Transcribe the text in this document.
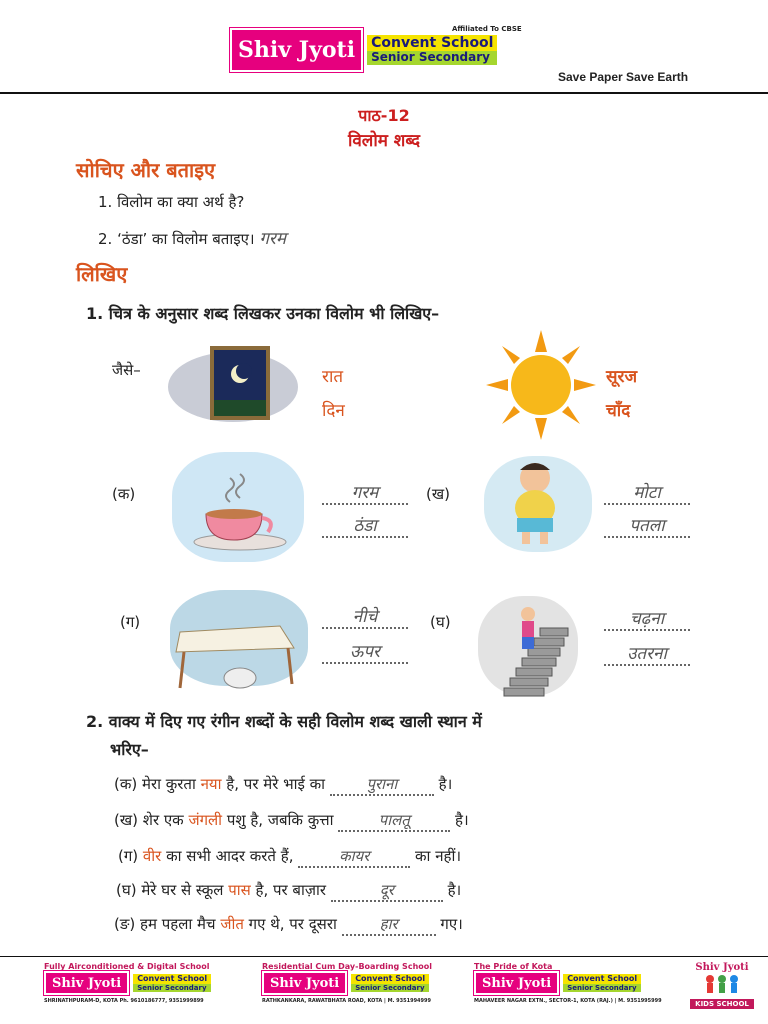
Shiv Jyoti	Convent School
Senior Secondary
Affiliated To CBSE
Save Paper Save Earth
पाठ-12
विलोम शब्द
सोचिए और बताइए
1. विलोम का क्या अर्थ है?
2. ‘ठंडा’ का विलोम बताइए। गरम
लिखिए
1. चित्र के अनुसार शब्द लिखकर उनका विलोम भी लिखिए–
जैसे–	रात
दिन
सूरज
चाँद
(क)	गरम ठंडा
(ख)	मोटा पतला
(ग)	नीचे ऊपर
(घ)	चढ़ना उतरना
2. वाक्य में दिए गए रंगीन शब्दों के सही विलोम शब्द खाली स्थान में
भरिए–
(क) मेरा कुरता नया है, पर मेरे भाई का पुराना है।
(ख) शेर एक जंगली पशु है, जबकि कुत्ता	पालतू	है।
(ग) वीर का सभी आदर करते हैं,	कायर	का नहीं।
(घ) मेरे घर से स्कूल पास है, पर बाज़ार	दूर	है।
(ङ) हम पहला मैच जीत गए थे, पर दूसरा	हार	गए।
Fully Airconditioned & Digital School
Shiv Jyoti	Convent School
Senior Secondary
SHRINATHPURAM-D, KOTA Ph. 9610186777, 9351999899
Residential Cum Day-Boarding School
Shiv Jyoti	Convent School
Senior Secondary
RATHKANKARA, RAWATBHATA ROAD, KOTA | M. 9351994999
The Pride of Kota
Shiv Jyoti	Convent School
Senior Secondary
MAHAVEER NAGAR EXTN., SECTOR-1, KOTA (RAJ.) | M. 9351995999
Shiv Jyoti
KIDS SCHOOL
